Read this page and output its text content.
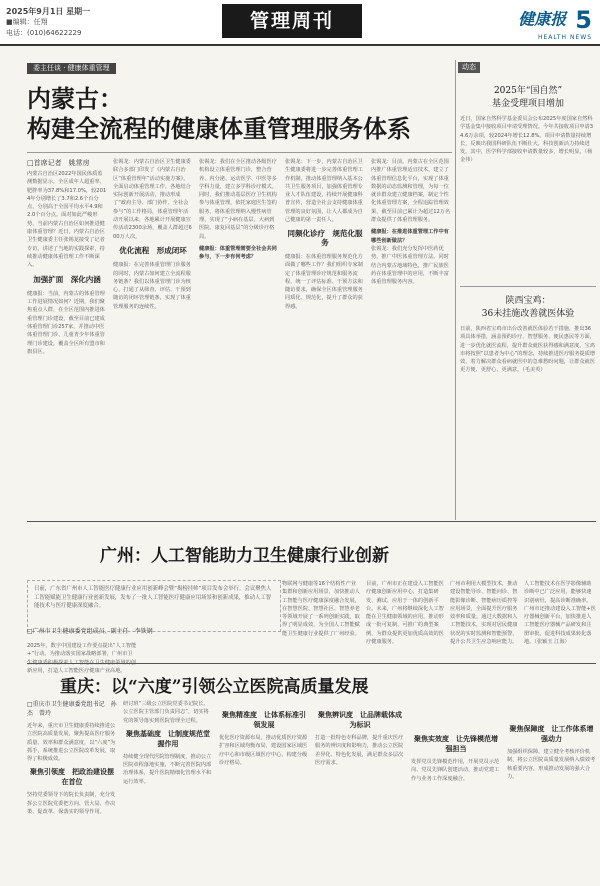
2025年9月1日 星期一
■编辑：任翔
电话：(010)64622229
管理周刊	健康报 5
HEALTH NEWS
委主任谈 · 健康体重管理
内蒙古：
构建全流程的健康体重管理服务体系
□首席记者　姚常房
内蒙古自治区2022年国民体质监测数据显示，全区成年人超重率、肥胖率为37.8%和17.0%，较2014年分别增长了3.7和2.6个百分点，分别高于全国平均水平4.9和2.0个百分点。面对如此严峻形势，当前内蒙古自治区如何推进健康体重管理？近日，内蒙古自治区卫生健康委主任张锡龙接受了记者专访，讲述了当地的实践探索，持续推动健康体重管理工作不断深入。
加强扩面　深化内涵
健康报：当前，内蒙古的体重管理工作进展情况如何？近期，我们聚焦重点人群，在全区范围内推进体重管理门诊建设，截至目前已建成体重管理门诊257家，并推动中医体重管理门诊、儿童青少年体重管理门诊建设，覆盖全区所有盟市和旗县区。
张锡龙：内蒙古自治区卫生健康委联合多部门印发了《内蒙古自治区“体重管理年”活动实施方案》，全面启动体重管理工作。各地结合实际创新开展活动，推动形成了“政府主导、部门协作、全社会参与”的工作格局，体重管理年活动开展以来，各地累计开展健康宣传活动2300余场，覆盖人群超过600万人次。
优化流程　形成闭环
健康报：在完善体重管理门诊服务的同时，内蒙古如何建立全流程服务链条？我们以体重管理门诊为核心，打通了从筛查、评估、干预到随访的闭环管理链条，实现了体重管理服务的连续性。
张锡龙：我们在全区推动各级医疗机构设立体重管理门诊，整合营养、内分泌、运动医学、中医等多学科力量，建立多学科诊疗模式。同时，我们推动基层医疗卫生机构参与体重管理，依托家庭医生签约服务，将体重管理纳入慢性病管理，实现了“小病在基层、大病到医院、康复回基层”的分级诊疗格局。
健康报：体重管理需要全社会共同参与，下一步有何考虑？
张锡龙：下一步，内蒙古自治区卫生健康委将进一步完善体重管理工作机制，推动体重管理纳入基本公共卫生服务项目，加强体重管理专业人才队伍建设，持续开展健康科普宣传，营造全社会支持健康体重管理的良好氛围，让人人都成为自己健康的第一责任人。
同频化诊疗　规范化服务
健康报：在体重管理服务规范化方面做了哪些工作？我们组织专家制定了体重管理诊疗规范和服务流程，统一了评估标准、干预方法和随访要求，确保全区体重管理服务同质化、规范化，提升了群众的获得感。
张锡龙：目前，内蒙古在全区范围内推广体重管理适宜技术，建立了体重管理信息化平台，实现了体重数据的动态监测和管理，为每一位就诊群众建立健康档案，制定个性化体重管理方案，全程追踪管理效果，截至目前已累计为超过12万名群众提供了体重管理服务。
健康报：在推进体重管理工作中有哪些创新做法？
张锡龙：我们充分发挥中医药优势，推广中医体重管理方法，同时结合内蒙古地域特色，推广民族医药在体重管理中的应用，不断丰富体重管理服务内容。
动态
2025年“国自然”
基金受理项目增加
近日，国家自然科学基金委员会公布2025年度国家自然科学基金集中接收项目申请受理情况。今年共接收项目申请34.6万余项，较2024年增长12.8%。项目申请数量持续增长，反映出我国科研队伍不断壮大，科技创新活力持续迸发。其中，医学科学部接收申请数量较多，增长明显。（杨金伟）
陕西宝鸡：
36未挂施改善就医体验
日前，陕西省宝鸡市出台改善就医体验若干措施，推出36项具体举措，涵盖预约诊疗、智慧服务、便民惠民等方面，进一步优化就医流程，提升群众就医获得感和满意度。宝鸡市将按照“以患者为中心”的理念，持续推进医疗服务提质增效，着力解决群众看病就医中的急难愁盼问题，让群众就医更方便、更舒心、更满意。（毛美英）
广州：人工智能助力卫生健康行业创新
日前，广东省广州市人工智能医疗健康行业应用创新峰会暨“揭榜挂帅”项目发布会举行。会议聚焦人工智能赋能卫生健康行业创新发展，发布了一批人工智能医疗健康应用场景和创新成果，推动人工智能技术与医疗健康深度融合。
□广州市卫生健康委党组成员、副主任　李铁钢
2025年，数字中国建设工作要点提出“人工智能+”行动。为推动落实国家战略部署，广州市卫 新应用，打造人工智能医疗健康产业高地。
物联网与健康等16个结构性产业集群和创新应用场景，加快推动人工智能与医疗健康深度融合发展，在智慧医院、智慧社区、智慧养老等领域开展了一系列创新实践，取得了明显成效，为全国人工智能赋能卫生健康行业提供了广州经验。
目前，广州市正在建设人工智能医疗健康创新应用中心，打造集研发、测试、应用于一体的创新平台。未来，广州将继续深化人工智能在卫生健康领域的应用，推动形成一批可复制、可推广的典型案例，为群众提供更加优质高效的医疗健康服务。
广州市利用大模型技术，推动建设智能导诊、智能问诊、智能影像诊断、智能病历质控等应用场景，全面提升医疗服务效率和质量。通过大数据和人工智能技术，实现对居民健康状况的实时监测和智能预警，提升公共卫生应急响应能力。
人工智能技术在医学影像辅助诊断中已广泛应用，能够快速识别病灶，提高诊断准确率。广州市还推动建设人工智能+医疗器械创新平台，加快推进人工智能医疗器械产品研发和注册审批，促进科技成果转化落地。（张颖玉 江海）
重庆：以“六度”引领公立医院高质量发展
□重庆市卫生健康委党组书记　孙杰　曾玲
近年来，重庆市卫生健康委持续推进公立医院高质量发展，聚焦提高医疗服务质量、效率和群众满意度，以“六度”为抓手，系统推进公立医院改革发展，取得了积极成效。
聚焦引领度　把政治建设摆在首位
坚持党委领导下的院长负责制，充分发挥公立医院党委把方向、管大局、作决策、促改革、保落实的领导作用。
研讨班“三级公立医院党委书记院长、公立医院主管部门负责同志”，切实将党的领导落实到医院管理全过程。
聚焦基础度　让制度规范堂握作用
持续健全现代医院管理制度，推动公立医院章程落地实施，不断完善医院内部治理体系，提升医院精细化管理水平和运行效率。
聚焦精准度　让体系标准引领发展
优化医疗资源布局，推动优质医疗资源扩容和区域均衡布局，建设国家区域医疗中心和市级区域医疗中心，构建分级诊疗格局。
聚焦辨识度　让品牌载体成为标识
打造一批特色专科品牌，提升重庆医疗服务的辨识度和影响力，推动公立医院差异化、特色化发展，满足群众多层次医疗需求。
聚焦实效度　让先锋模范增强担当
发挥党员先锋模范作用，开展党员示范岗、党员先锋队创建活动，推动党建工作与业务工作深度融合。
聚焦保障度　让工作体系增强动力
加强组织保障，建立健全考核评价机制，将公立医院高质量发展纳入绩效考核重要内容，形成推动发展的强大合力。
